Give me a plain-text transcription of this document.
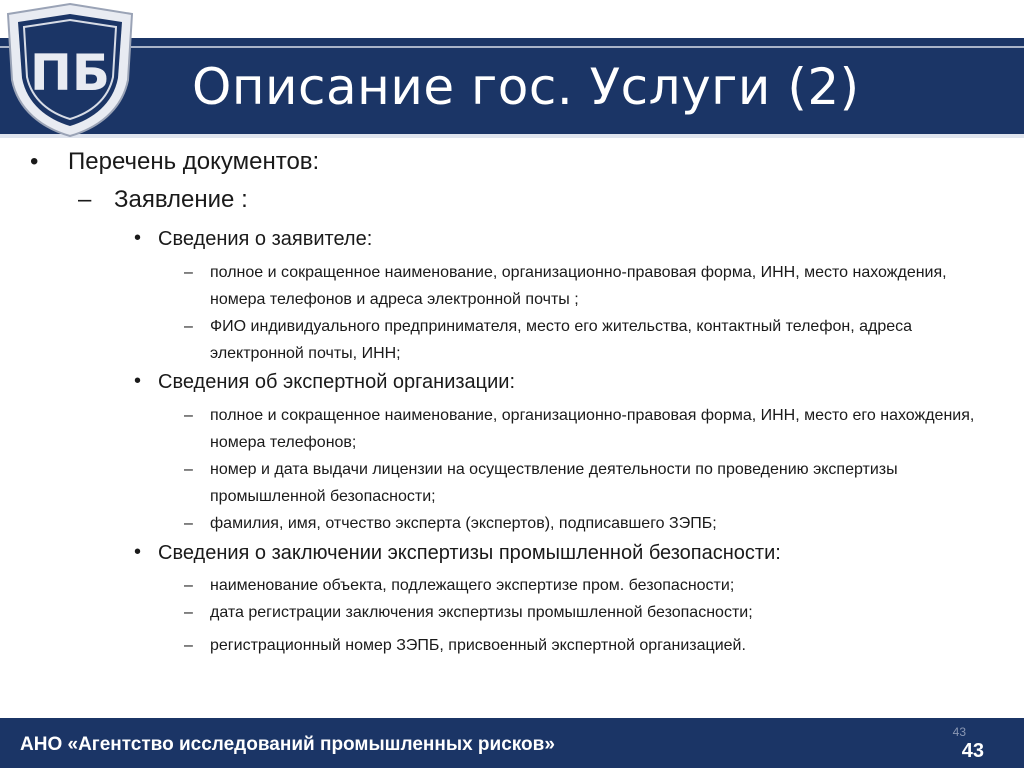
ПБ Описание гос. Услуги (2)
• Перечень документов:
– Заявление :
• Сведения о заявителе:
– полное и сокращенное наименование, организационно-правовая форма, ИНН, место нахождения, номера телефонов и адреса электронной почты ;
– ФИО индивидуального предпринимателя, место его жительства, контактный телефон, адреса электронной почты, ИНН;
• Сведения об экспертной организации:
– полное и сокращенное наименование, организационно-правовая форма, ИНН, место его нахождения, номера телефонов;
– номер и дата выдачи лицензии на осуществление деятельности по проведению экспертизы промышленной безопасности;
– фамилия, имя, отчество эксперта (экспертов), подписавшего ЗЭПБ;
• Сведения о заключении экспертизы промышленной безопасности:
– наименование объекта, подлежащего экспертизе пром. безопасности;
– дата регистрации заключения экспертизы промышленной безопасности;
– регистрационный номер ЗЭПБ, присвоенный экспертной организацией.
АНО «Агентство исследований промышленных рисков»
43
43
